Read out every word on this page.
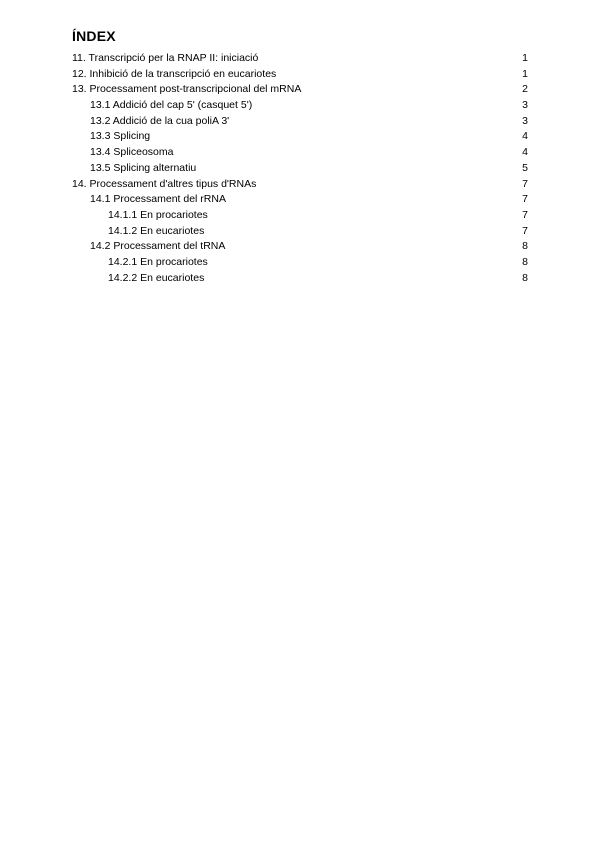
ÍNDEX
11. Transcripció per la RNAP II: iniciació	1
12. Inhibició de la transcripció en eucariotes	1
13. Processament post-transcripcional del mRNA	2
13.1 Addició del cap 5' (casquet 5')	3
13.2 Addició de la cua poliA 3'	3
13.3 Splicing	4
13.4 Spliceosoma	4
13.5 Splicing alternatiu	5
14. Processament d'altres tipus d'RNAs	7
14.1 Processament del rRNA	7
14.1.1 En procariotes	7
14.1.2 En eucariotes	7
14.2 Processament del tRNA	8
14.2.1 En procariotes	8
14.2.2 En eucariotes	8
